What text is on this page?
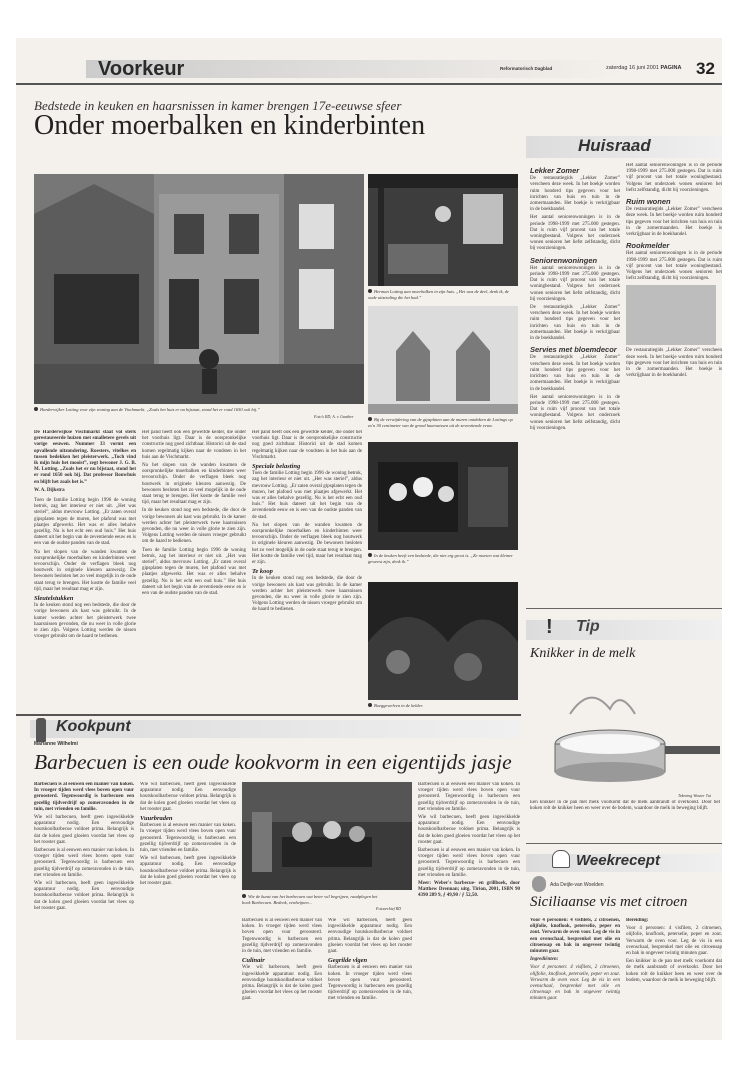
Voorkeur	Reformatorisch Dagblad	zaterdag 16 juni 2001 PAGINA 32
Bedstede in keuken en haarsnissen in kamer brengen 17e-eeuwse sfeer
Onder moerbalken en kinderbinten
Harderwijker Lotting voor zijn woning aan de Vischmarkt. „Zoals het huis er nu bijstaat, stond het er rond 1650 ook bij.”
Foto's RD, A. v. Gunther

De Harderwijkse Vischmarkt staat vol sterk gerestaureerde huizen met smalletere gevels uit vorige eeuwen. Nummer 33 vormt een opvallende uitzondering. Roesters, vitelkes en tussen bedekken het pleisterwerk. „Toch vind ik mijn huis het mooist”, zegt bewoner J. G. B. M. Lotting. „Zoals het er nu bijstaat, stond het er rond 1650 ook bij. Dat professor Bouwhuis en blijft het zoals het is.”

W. A. Dijkstra

Toen de familie Lotting begin 1996 de woning betrok, zag het interieur er niet uit. „Het was steriel”, aldus mevrouw Lotting. „Er zaten overal gipsplaten tegen de muren, het plafond was met plaatjes afgewerkt. Het was er alles behalve gezellig. Nu is het echt een oud huis.” Het huis dateert uit het begin van de zeventiende eeuw en is een van de oudste panden van de stad.

Na het slopen van de wanden kwamen de oorspronkelijke moerbalken en kinderbinten weer tevoorschijn. Onder de verflagen bleek nog houtwerk in originele kleuren aanwezig. De bewoners besloten het zo veel mogelijk in de oude staat terug te brengen. Het kostte de familie veel tijd, maar het resultaat mag er zijn.

Sleutelstukken

In de keuken stond nog een bedstede, die door de vorige bewoners als kast was gebruikt. In de kamer werden achter het pleisterwerk twee haarsnissen gevonden, die nu weer in volle glorie te zien zijn. Volgens Lotting werden de nissen vroeger gebruikt om de haard te bedienen.

Het pand heeft ook een gewelfde kelder, die onder het voorhuis ligt. Daar is de oorspronkelijke constructie nog goed zichtbaar. Historici uit de stad komen regelmatig kijken naar de vondsten in het huis aan de Vischmarkt.

Na het slopen van de wanden kwamen de oorspronkelijke moerbalken en kinderbinten weer tevoorschijn. Onder de verflagen bleek nog houtwerk in originele kleuren aanwezig. De bewoners besloten het zo veel mogelijk in de oude staat terug te brengen. Het kostte de familie veel tijd, maar het resultaat mag er zijn.

In de keuken stond nog een bedstede, die door de vorige bewoners als kast was gebruikt. In de kamer werden achter het pleisterwerk twee haarsnissen gevonden, die nu weer in volle glorie te zien zijn. Volgens Lotting werden de nissen vroeger gebruikt om de haard te bedienen.

Toen de familie Lotting begin 1996 de woning betrok, zag het interieur er niet uit. „Het was steriel”, aldus mevrouw Lotting. „Er zaten overal gipsplaten tegen de muren, het plafond was met plaatjes afgewerkt. Het was er alles behalve gezellig. Nu is het echt een oud huis.” Het huis dateert uit het begin van de zeventiende eeuw en is een van de oudste panden van de stad.

Het pand heeft ook een gewelfde kelder, die onder het voorhuis ligt. Daar is de oorspronkelijke constructie nog goed zichtbaar. Historici uit de stad komen regelmatig kijken naar de vondsten in het huis aan de Vischmarkt.

Speciale belasting

Toen de familie Lotting begin 1996 de woning betrok, zag het interieur er niet uit. „Het was steriel”, aldus mevrouw Lotting. „Er zaten overal gipsplaten tegen de muren, het plafond was met plaatjes afgewerkt. Het was er alles behalve gezellig. Nu is het echt een oud huis.” Het huis dateert uit het begin van de zeventiende eeuw en is een van de oudste panden van de stad.

Na het slopen van de wanden kwamen de oorspronkelijke moerbalken en kinderbinten weer tevoorschijn. Onder de verflagen bleek nog houtwerk in originele kleuren aanwezig. De bewoners besloten het zo veel mogelijk in de oude staat terug te brengen. Het kostte de familie veel tijd, maar het resultaat mag er zijn.

Te koop

In de keuken stond nog een bedstede, die door de vorige bewoners als kast was gebruikt. In de kamer werden achter het pleisterwerk twee haarsnissen gevonden, die nu weer in volle glorie te zien zijn. Volgens Lotting werden de nissen vroeger gebruikt om de haard te bedienen.

Herman Lotting aan moerbalken in zijn huis. „Het was de deel, denk ik, de oude uitstraling die het had.”
Bij de verwijdering van de gipsplaten aan de muren ontdekten de Lottings op zo'n 30 centimeter van de grond haarsnissen uit de zeventiende eeuw.
In de keuken heeft een bedstede, die niet erg groot is. „Ze moeten wat kleiner geweest zijn, denk ik.”
Boeggewelven in de kelder.
Huisraad
Lekker Zomer

De restauratiegids „Lekker Zomer” verscheen deze week. In het boekje worden ruim honderd tips gegeven voor het inrichten van huis en tuin in de zomermaanden. Het boekje is verkrijgbaar in de boekhandel.

Het aantal seniorenwoningen is in de periode 1998-1999 met 275.000 gestegen. Dat is ruim vijf procent van het totale woningbestand. Volgens het onderzoek wonen senioren het liefst zelfstandig, dicht bij voorzieningen.

Seniorenwoningen

Het aantal seniorenwoningen is in de periode 1998-1999 met 275.000 gestegen. Dat is ruim vijf procent van het totale woningbestand. Volgens het onderzoek wonen senioren het liefst zelfstandig, dicht bij voorzieningen.

De restauratiegids „Lekker Zomer” verscheen deze week. In het boekje worden ruim honderd tips gegeven voor het inrichten van huis en tuin in de zomermaanden. Het boekje is verkrijgbaar in de boekhandel.

Servies met bloemdecor

De restauratiegids „Lekker Zomer” verscheen deze week. In het boekje worden ruim honderd tips gegeven voor het inrichten van huis en tuin in de zomermaanden. Het boekje is verkrijgbaar in de boekhandel.

Het aantal seniorenwoningen is in de periode 1998-1999 met 275.000 gestegen. Dat is ruim vijf procent van het totale woningbestand. Volgens het onderzoek wonen senioren het liefst zelfstandig, dicht bij voorzieningen.

Het aantal seniorenwoningen is in de periode 1998-1999 met 275.000 gestegen. Dat is ruim vijf procent van het totale woningbestand. Volgens het onderzoek wonen senioren het liefst zelfstandig, dicht bij voorzieningen.

Ruim wonen

De restauratiegids „Lekker Zomer” verscheen deze week. In het boekje worden ruim honderd tips gegeven voor het inrichten van huis en tuin in de zomermaanden. Het boekje is verkrijgbaar in de boekhandel.

Rookmelder

Het aantal seniorenwoningen is in de periode 1998-1999 met 275.000 gestegen. Dat is ruim vijf procent van het totale woningbestand. Volgens het onderzoek wonen senioren het liefst zelfstandig, dicht bij voorzieningen.

De restauratiegids „Lekker Zomer” verscheen deze week. In het boekje worden ruim honderd tips gegeven voor het inrichten van huis en tuin in de zomermaanden. Het boekje is verkrijgbaar in de boekhandel.

! Tip
Knikker in de melk
Tekening Wouter Tut

Een knikker in de pan met melk voorkomt dat de melk aanbrandt of overkookt. Door het koken rolt de knikker heen en weer over de bodem, waardoor de melk in beweging blijft.

Kookpunt
Marianne Wilhelmi
Barbecuen is een oude kookvorm in een eigentijds jasje

Barbecuen is al eeuwen een manier van koken. In vroeger tijden werd vlees boven open vuur geroosterd. Tegenwoordig is barbecuen een gezellig tijdverdrijf op zomeravonden in de tuin, met vrienden en familie.

Wie wil barbecuen, heeft geen ingewikkelde apparatuur nodig. Een eenvoudige houtskoolbarbecue voldoet prima. Belangrijk is dat de kolen goed gloeien voordat het vlees op het rooster gaat.

Barbecuen is al eeuwen een manier van koken. In vroeger tijden werd vlees boven open vuur geroosterd. Tegenwoordig is barbecuen een gezellig tijdverdrijf op zomeravonden in de tuin, met vrienden en familie.

Wie wil barbecuen, heeft geen ingewikkelde apparatuur nodig. Een eenvoudige houtskoolbarbecue voldoet prima. Belangrijk is dat de kolen goed gloeien voordat het vlees op het rooster gaat.

Wie wil barbecuen, heeft geen ingewikkelde apparatuur nodig. Een eenvoudige houtskoolbarbecue voldoet prima. Belangrijk is dat de kolen goed gloeien voordat het vlees op het rooster gaat.

Vuurbraden

Barbecuen is al eeuwen een manier van koken. In vroeger tijden werd vlees boven open vuur geroosterd. Tegenwoordig is barbecuen een gezellig tijdverdrijf op zomeravonden in de tuin, met vrienden en familie.

Wie wil barbecuen, heeft geen ingewikkelde apparatuur nodig. Een eenvoudige houtskoolbarbecue voldoet prima. Belangrijk is dat de kolen goed gloeien voordat het vlees op het rooster gaat.

Wie de kunst van het barbecuen wat beter wil begrijpen, raadplegen het boek Barbecuen. Bedenk, verdwijnen...
Fotoarchief RD

Barbecuen is al eeuwen een manier van koken. In vroeger tijden werd vlees boven open vuur geroosterd. Tegenwoordig is barbecuen een gezellig tijdverdrijf op zomeravonden in de tuin, met vrienden en familie.

Culinair

Wie wil barbecuen, heeft geen ingewikkelde apparatuur nodig. Een eenvoudige houtskoolbarbecue voldoet prima. Belangrijk is dat de kolen goed gloeien voordat het vlees op het rooster gaat.

Wie wil barbecuen, heeft geen ingewikkelde apparatuur nodig. Een eenvoudige houtskoolbarbecue voldoet prima. Belangrijk is dat de kolen goed gloeien voordat het vlees op het rooster gaat.

Gegrilde vlgen

Barbecuen is al eeuwen een manier van koken. In vroeger tijden werd vlees boven open vuur geroosterd. Tegenwoordig is barbecuen een gezellig tijdverdrijf op zomeravonden in de tuin, met vrienden en familie.

Barbecuen is al eeuwen een manier van koken. In vroeger tijden werd vlees boven open vuur geroosterd. Tegenwoordig is barbecuen een gezellig tijdverdrijf op zomeravonden in de tuin, met vrienden en familie.

Wie wil barbecuen, heeft geen ingewikkelde apparatuur nodig. Een eenvoudige houtskoolbarbecue voldoet prima. Belangrijk is dat de kolen goed gloeien voordat het vlees op het rooster gaat.

Barbecuen is al eeuwen een manier van koken. In vroeger tijden werd vlees boven open vuur geroosterd. Tegenwoordig is barbecuen een gezellig tijdverdrijf op zomeravonden in de tuin, met vrienden en familie.

Meer: Weber's barbecue- en grillboek, door Matthew Drennan; uitg. Tirion, 2001, ISBN 90 4390 289 9, ƒ 49,90 / ƒ 52,50.

Weekrecept
Ada Deijle-van Woelden
Siciliaanse vis met citroen

Voor 4 personen: 4 visfilets, 2 citroenen, olijfolie, knoflook, peterselie, peper en zout. Verwarm de oven voor. Leg de vis in een ovenschaal, besprenkel met olie en citroensap en bak in ongeveer twintig minuten gaar.

Ingrediënten:

Voor 4 personen: 4 visfilets, 2 citroenen, olijfolie, knoflook, peterselie, peper en zout. Verwarm de oven voor. Leg de vis in een ovenschaal, besprenkel met olie en citroensap en bak in ongeveer twintig minuten gaar.

Bereiding:

Voor 4 personen: 4 visfilets, 2 citroenen, olijfolie, knoflook, peterselie, peper en zout. Verwarm de oven voor. Leg de vis in een ovenschaal, besprenkel met olie en citroensap en bak in ongeveer twintig minuten gaar.

Een knikker in de pan met melk voorkomt dat de melk aanbrandt of overkookt. Door het koken rolt de knikker heen en weer over de bodem, waardoor de melk in beweging blijft.
